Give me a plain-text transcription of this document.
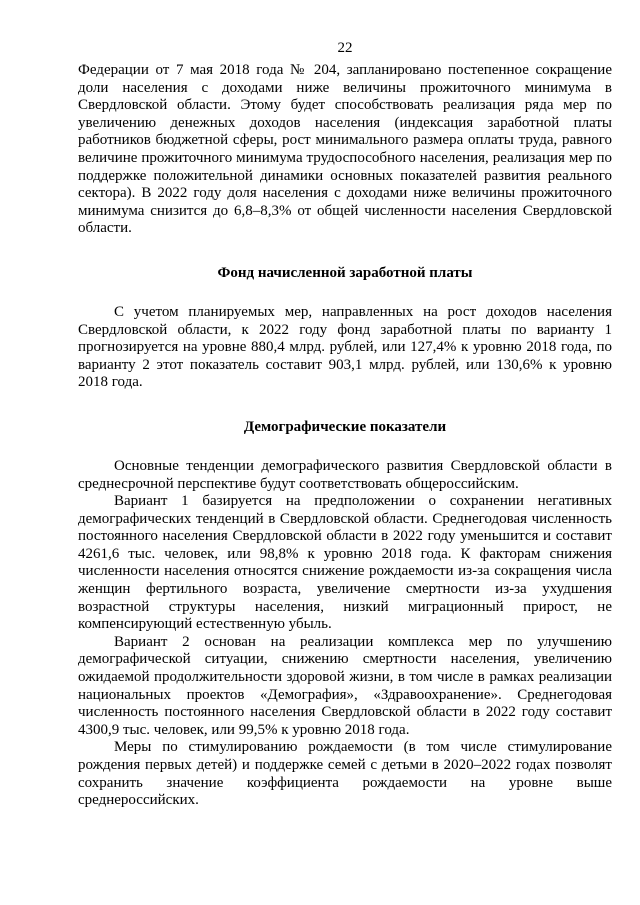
22

Федерации от 7 мая 2018 года № 204, запланировано постепенное сокращение доли населения с доходами ниже величины прожиточного минимума в Свердловской области. Этому будет способствовать реализация ряда мер по увеличению денежных доходов населения (индексация заработной платы работников бюджетной сферы, рост минимального размера оплаты труда, равного величине прожиточного минимума трудоспособного населения, реализация мер по поддержке положительной динамики основных показателей развития реального сектора). В 2022 году доля населения с доходами ниже величины прожиточного минимума снизится до 6,8–8,3% от общей численности населения Свердловской области.

Фонд начисленной заработной платы

С учетом планируемых мер, направленных на рост доходов населения Свердловской области, к 2022 году фонд заработной платы по варианту 1 прогнозируется на уровне 880,4 млрд. рублей, или 127,4% к уровню 2018 года, по варианту 2 этот показатель составит 903,1 млрд. рублей, или 130,6% к уровню 2018 года.

Демографические показатели

Основные тенденции демографического развития Свердловской области в среднесрочной перспективе будут соответствовать общероссийским.

Вариант 1 базируется на предположении о сохранении негативных демографических тенденций в Свердловской области. Среднегодовая численность постоянного населения Свердловской области в 2022 году уменьшится и составит 4261,6 тыс. человек, или 98,8% к уровню 2018 года. К факторам снижения численности населения относятся снижение рождаемости из-за сокращения числа женщин фертильного возраста, увеличение смертности из-за ухудшения возрастной структуры населения, низкий миграционный прирост, не компенсирующий естественную убыль.

Вариант 2 основан на реализации комплекса мер по улучшению демографической ситуации, снижению смертности населения, увеличению ожидаемой продолжительности здоровой жизни, в том числе в рамках реализации национальных проектов «Демография», «Здравоохранение». Среднегодовая численность постоянного населения Свердловской области в 2022 году составит 4300,9 тыс. человек, или 99,5% к уровню 2018 года.

Меры по стимулированию рождаемости (в том числе стимулирование рождения первых детей) и поддержке семей с детьми в 2020–2022 годах позволят сохранить значение коэффициента рождаемости на уровне выше среднероссийских.
